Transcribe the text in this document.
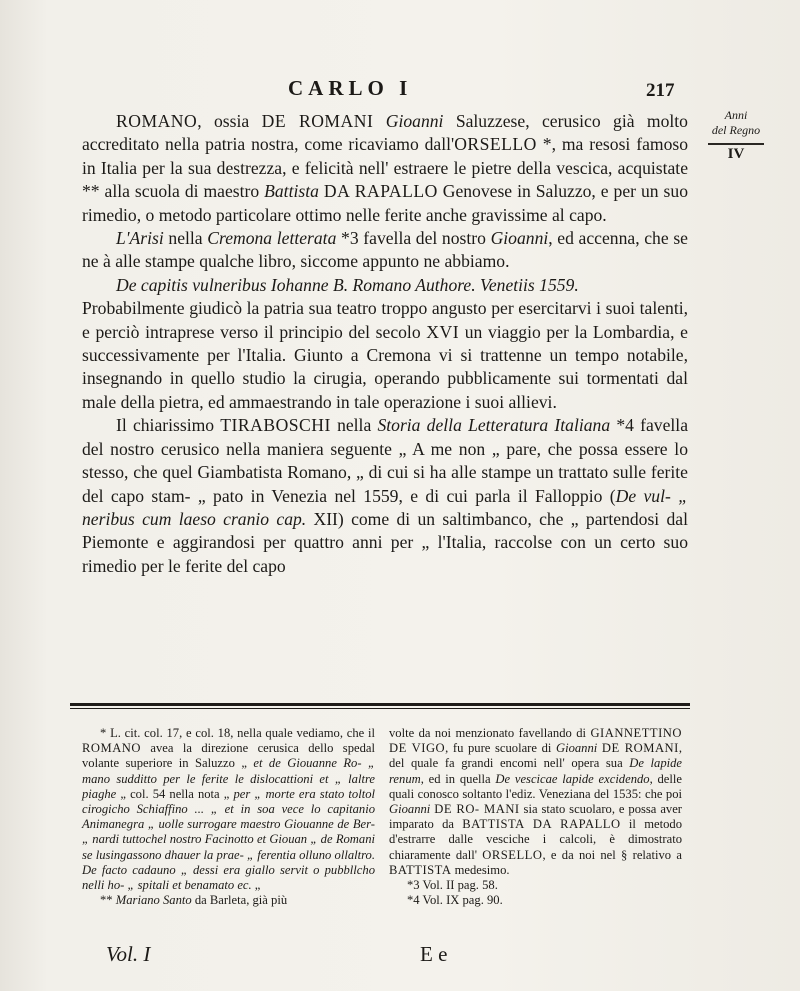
CARLO I	217
Anni
del Regno
IV

ROMANO, ossia DE ROMANI Gioanni Saluzzese, cerusico già molto accreditato nella patria nostra, come ricaviamo dall'ORSELLO *, ma resosi famoso in Italia per la sua destrezza, e felicità nell' estraere le pietre della vescica, acquistate ** alla scuola di maestro Battista DA RAPALLO Genovese in Saluzzo, e per un suo rimedio, o metodo particolare ottimo nelle ferite anche gravissime al capo.

L'Arisi nella Cremona letterata *3 favella del nostro Gioanni, ed accenna, che se ne à alle stampe qualche libro, siccome appunto ne abbiamo.

De capitis vulneribus Iohanne B. Romano Authore. Venetiis 1559.

Probabilmente giudicò la patria sua teatro troppo angusto per esercitarvi i suoi talenti, e perciò intraprese verso il principio del secolo XVI un viaggio per la Lombardia, e successivamente per l'Italia. Giunto a Cremona vi si trattenne un tempo notabile, insegnando in quello studio la cirugia, operando pubblicamente sui tormentati dal male della pietra, ed ammaestrando in tale operazione i suoi allievi.

Il chiarissimo TIRABOSCHI nella Storia della Letteratura Italiana *4 favella del nostro cerusico nella maniera seguente „ A me non „ pare, che possa essere lo stesso, che quel Giambatista Romano, „ di cui si ha alle stampe un trattato sulle ferite del capo stam- „ pato in Venezia nel 1559, e di cui parla il Falloppio (De vul- „ neribus cum laeso cranio cap. XII) come di un saltimbanco, che „ partendosi dal Piemonte e aggirandosi per quattro anni per „ l'Italia, raccolse con un certo suo rimedio per le ferite del capo

* L. cit. col. 17, e col. 18, nella quale vediamo, che il ROMANO avea la direzione cerusica dello spedal volante superiore in Saluzzo „ et de Giouanne Ro- „ mano sudditto per le ferite le dislocattioni et „ laltre piaghe „ col. 54 nella nota „ per „ morte era stato toltol cirogicho Schiaffino ... „ et in soa vece lo capitanio Animanegra „ uolle surrogare maestro Giouanne de Ber- „ nardi tuttochel nostro Facinotto et Giouan „ de Romani se lusingassono dhauer la prae- „ ferentia olluno ollaltro. De facto cadauno „ dessi era giallo servit o pubbllcho nelli ho- „ spitali et benamato ec. „

** Mariano Santo da Barleta, già più

volte da noi menzionato favellando di GIANNETTINO DE VIGO, fu pure scuolare di Gioanni DE ROMANI, del quale fa grandi encomi nell' opera sua De lapide renum, ed in quella De vescicae lapide excidendo, delle quali conosco soltanto l'ediz. Veneziana del 1535: che poi Gioanni DE RO- MANI sia stato scuolaro, e possa aver imparato da BATTISTA DA RAPALLO il metodo d'estrarre dalle vesciche i calcoli, è dimostrato chiaramente dall' ORSELLO, e da noi nel § relativo a BATTISTA medesimo.

*3 Vol. II pag. 58.

*4 Vol. IX pag. 90.

Vol. I	E e
